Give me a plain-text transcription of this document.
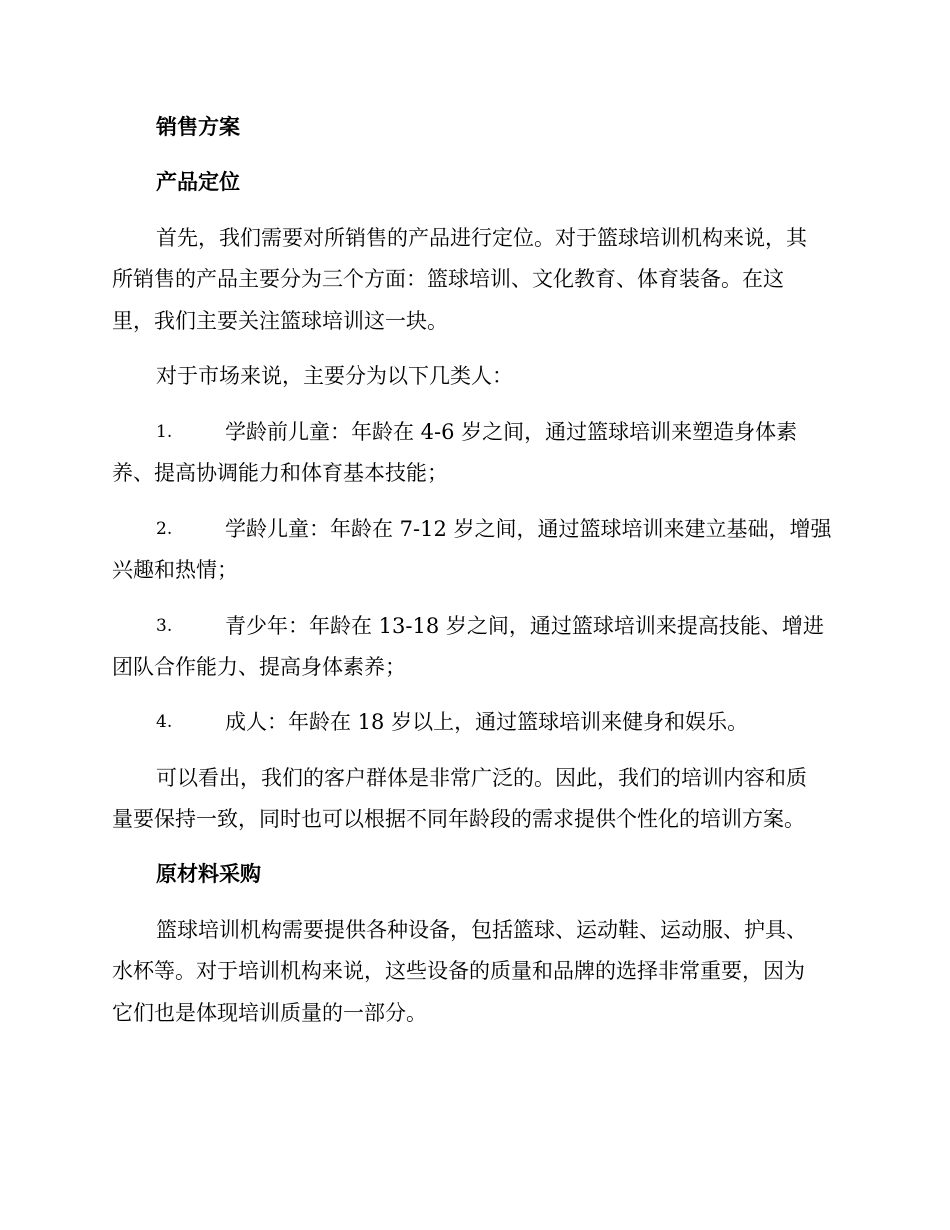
销售方案
产品定位
首先，我们需要对所销售的产品进行定位。对于篮球培训机构来说，其
所销售的产品主要分为三个方面：篮球培训、文化教育、体育装备。在这
里，我们主要关注篮球培训这一块。
对于市场来说，主要分为以下几类人：
1.	学龄前儿童：年龄在 4-6 岁之间，通过篮球培训来塑造身体素
养、提高协调能力和体育基本技能；
2.	学龄儿童：年龄在 7-12 岁之间，通过篮球培训来建立基础，增强
兴趣和热情；
3.	青少年：年龄在 13-18 岁之间，通过篮球培训来提高技能、增进
团队合作能力、提高身体素养；
4.	成人：年龄在 18 岁以上，通过篮球培训来健身和娱乐。
可以看出，我们的客户群体是非常广泛的。因此，我们的培训内容和质
量要保持一致，同时也可以根据不同年龄段的需求提供个性化的培训方案。
原材料采购
篮球培训机构需要提供各种设备，包括篮球、运动鞋、运动服、护具、
水杯等。对于培训机构来说，这些设备的质量和品牌的选择非常重要，因为
它们也是体现培训质量的一部分。
